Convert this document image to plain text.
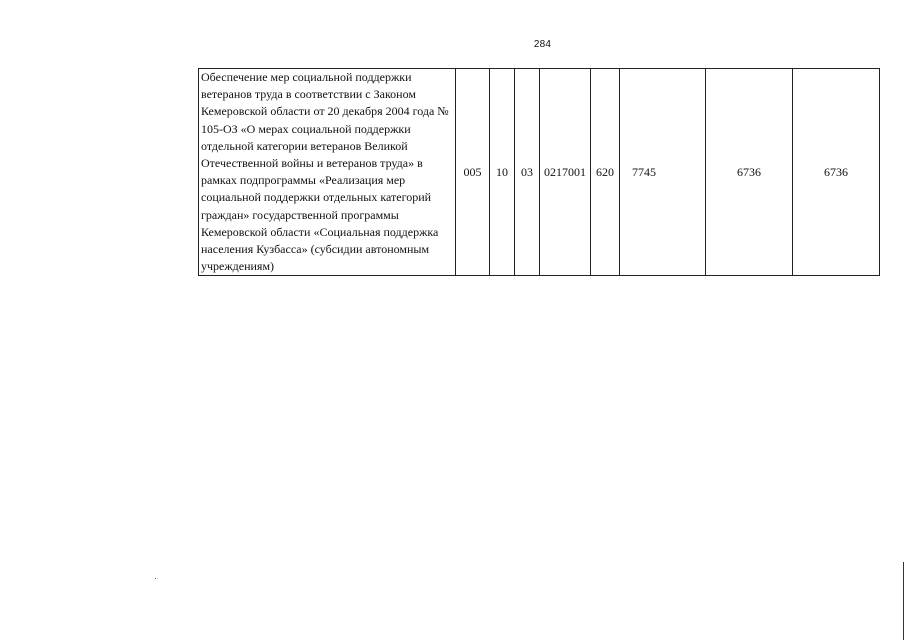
284
Обеспечение мер социальной поддержки
ветеранов труда в соответствии с Законом
Кемеровской области от 20 декабря 2004 года №
105-ОЗ «О мерах социальной поддержки
отдельной категории ветеранов Великой
Отечественной войны и ветеранов труда» в
рамках подпрограммы «Реализация мер
социальной поддержки отдельных категорий
граждан» государственной программы
Кемеровской области «Социальная поддержка
населения Кузбасса» (субсидии автономным
учреждениям)
	005	10	03	0217001	620	7745	6736	6736
